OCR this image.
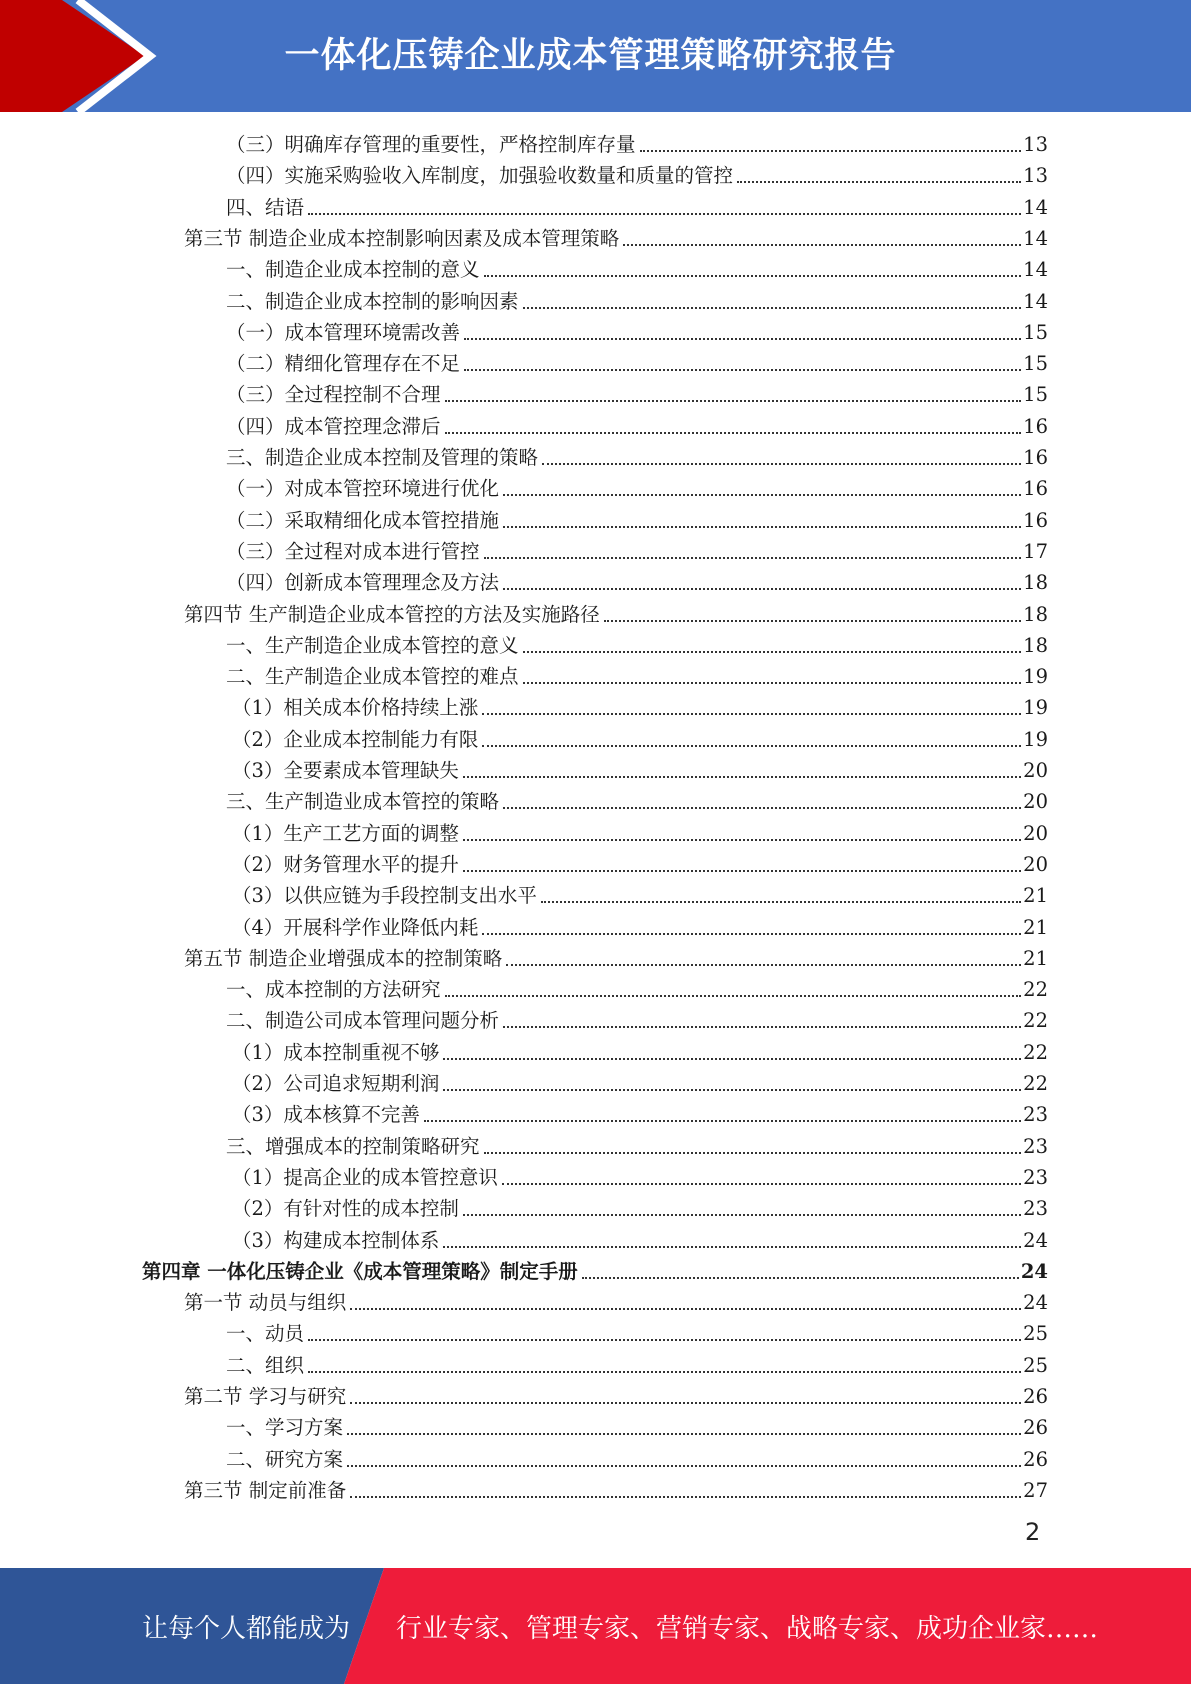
一体化压铸企业成本管理策略研究报告
（三）明确库存管理的重要性，严格控制库存量	13
（四）实施采购验收入库制度，加强验收数量和质量的管控	13
四、结语	14
第三节 制造企业成本控制影响因素及成本管理策略	14
一、制造企业成本控制的意义	14
二、制造企业成本控制的影响因素	14
（一）成本管理环境需改善	15
（二）精细化管理存在不足	15
（三）全过程控制不合理	15
（四）成本管控理念滞后	16
三、制造企业成本控制及管理的策略	16
（一）对成本管控环境进行优化	16
（二）采取精细化成本管控措施	16
（三）全过程对成本进行管控	17
（四）创新成本管理理念及方法	18
第四节 生产制造企业成本管控的方法及实施路径	18
一、生产制造企业成本管控的意义	18
二、生产制造企业成本管控的难点	19
（1）相关成本价格持续上涨	19
（2）企业成本控制能力有限	19
（3）全要素成本管理缺失	20
三、生产制造业成本管控的策略	20
（1）生产工艺方面的调整	20
（2）财务管理水平的提升	20
（3）以供应链为手段控制支出水平	21
（4）开展科学作业降低内耗	21
第五节 制造企业增强成本的控制策略	21
一、成本控制的方法研究	22
二、制造公司成本管理问题分析	22
（1）成本控制重视不够	22
（2）公司追求短期利润	22
（3）成本核算不完善	23
三、增强成本的控制策略研究	23
（1）提高企业的成本管控意识	23
（2）有针对性的成本控制	23
（3）构建成本控制体系	24
第四章 一体化压铸企业《成本管理策略》制定手册	24
第一节 动员与组织	24
一、动员	25
二、组织	25
第二节 学习与研究	26
一、学习方案	26
二、研究方案	26
第三节 制定前准备	27
2
让每个人都能成为 行业专家、管理专家、营销专家、战略专家、成功企业家……
